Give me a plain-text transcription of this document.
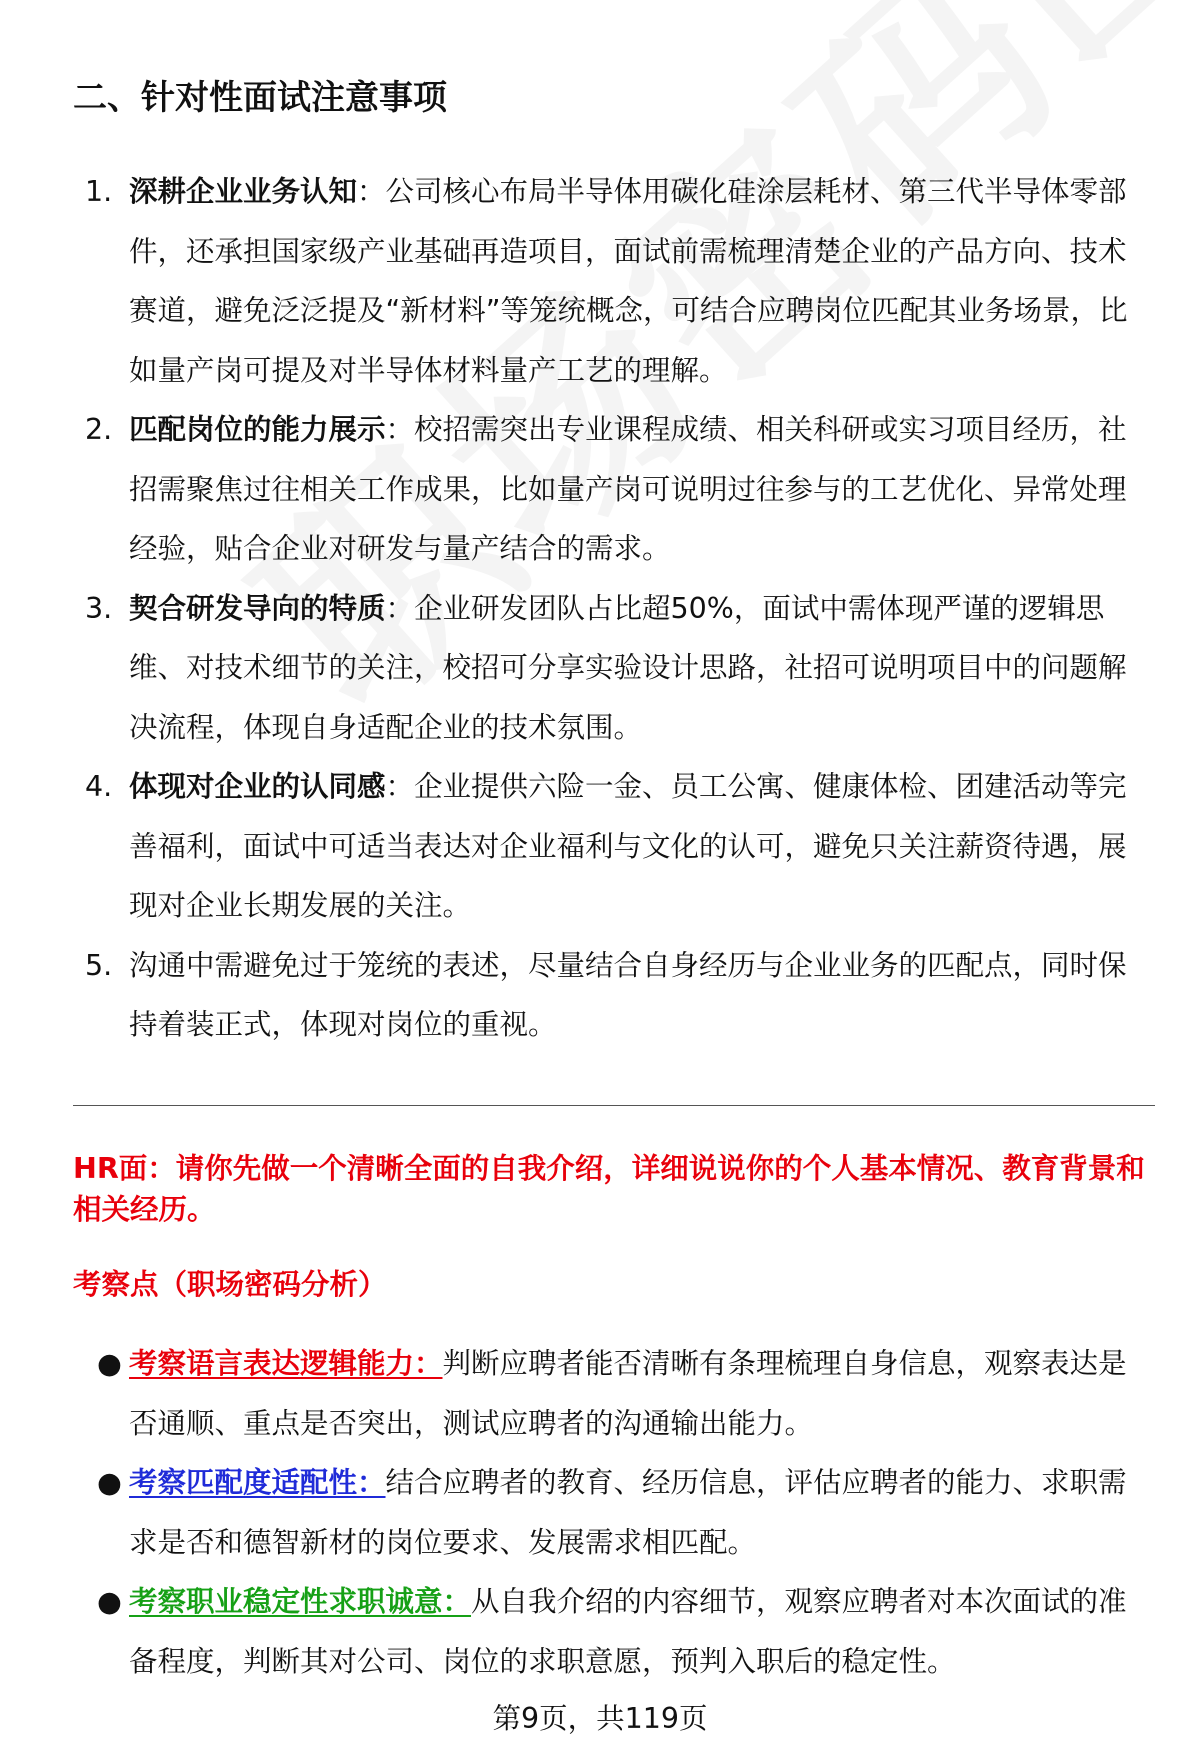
二、针对性面试注意事项
1. 深耕企业业务认知：公司核心布局半导体用碳化硅涂层耗材、第三代半导体零部件，还承担国家级产业基础再造项目，面试前需梳理清楚企业的产品方向、技术赛道，避免泛泛提及“新材料”等笼统概念，可结合应聘岗位匹配其业务场景，比如量产岗可提及对半导体材料量产工艺的理解。
2. 匹配岗位的能力展示：校招需突出专业课程成绩、相关科研或实习项目经历，社招需聚焦过往相关工作成果，比如量产岗可说明过往参与的工艺优化、异常处理经验，贴合企业对研发与量产结合的需求。
3. 契合研发导向的特质：企业研发团队占比超50%，面试中需体现严谨的逻辑思维、对技术细节的关注，校招可分享实验设计思路，社招可说明项目中的问题解决流程，体现自身适配企业的技术氛围。
4. 体现对企业的认同感：企业提供六险一金、员工公寓、健康体检、团建活动等完善福利，面试中可适当表达对企业福利与文化的认可，避免只关注薪资待遇，展现对企业长期发展的关注。
5. 沟通中需避免过于笼统的表述，尽量结合自身经历与企业业务的匹配点，同时保持着装正式，体现对岗位的重视。

HR面：请你先做一个清晰全面的自我介绍，详细说说你的个人基本情况、教育背景和相关经历。

考察点（职场密码分析）

● 考察语言表达逻辑能力：判断应聘者能否清晰有条理梳理自身信息，观察表达是否通顺、重点是否突出，测试应聘者的沟通输出能力。
● 考察匹配度适配性：结合应聘者的教育、经历信息，评估应聘者的能力、求职需求是否和德智新材的岗位要求、发展需求相匹配。
● 考察职业稳定性求职诚意：从自我介绍的内容细节，观察应聘者对本次面试的准备程度，判断其对公司、岗位的求职意愿，预判入职后的稳定性。

第9页，共119页
